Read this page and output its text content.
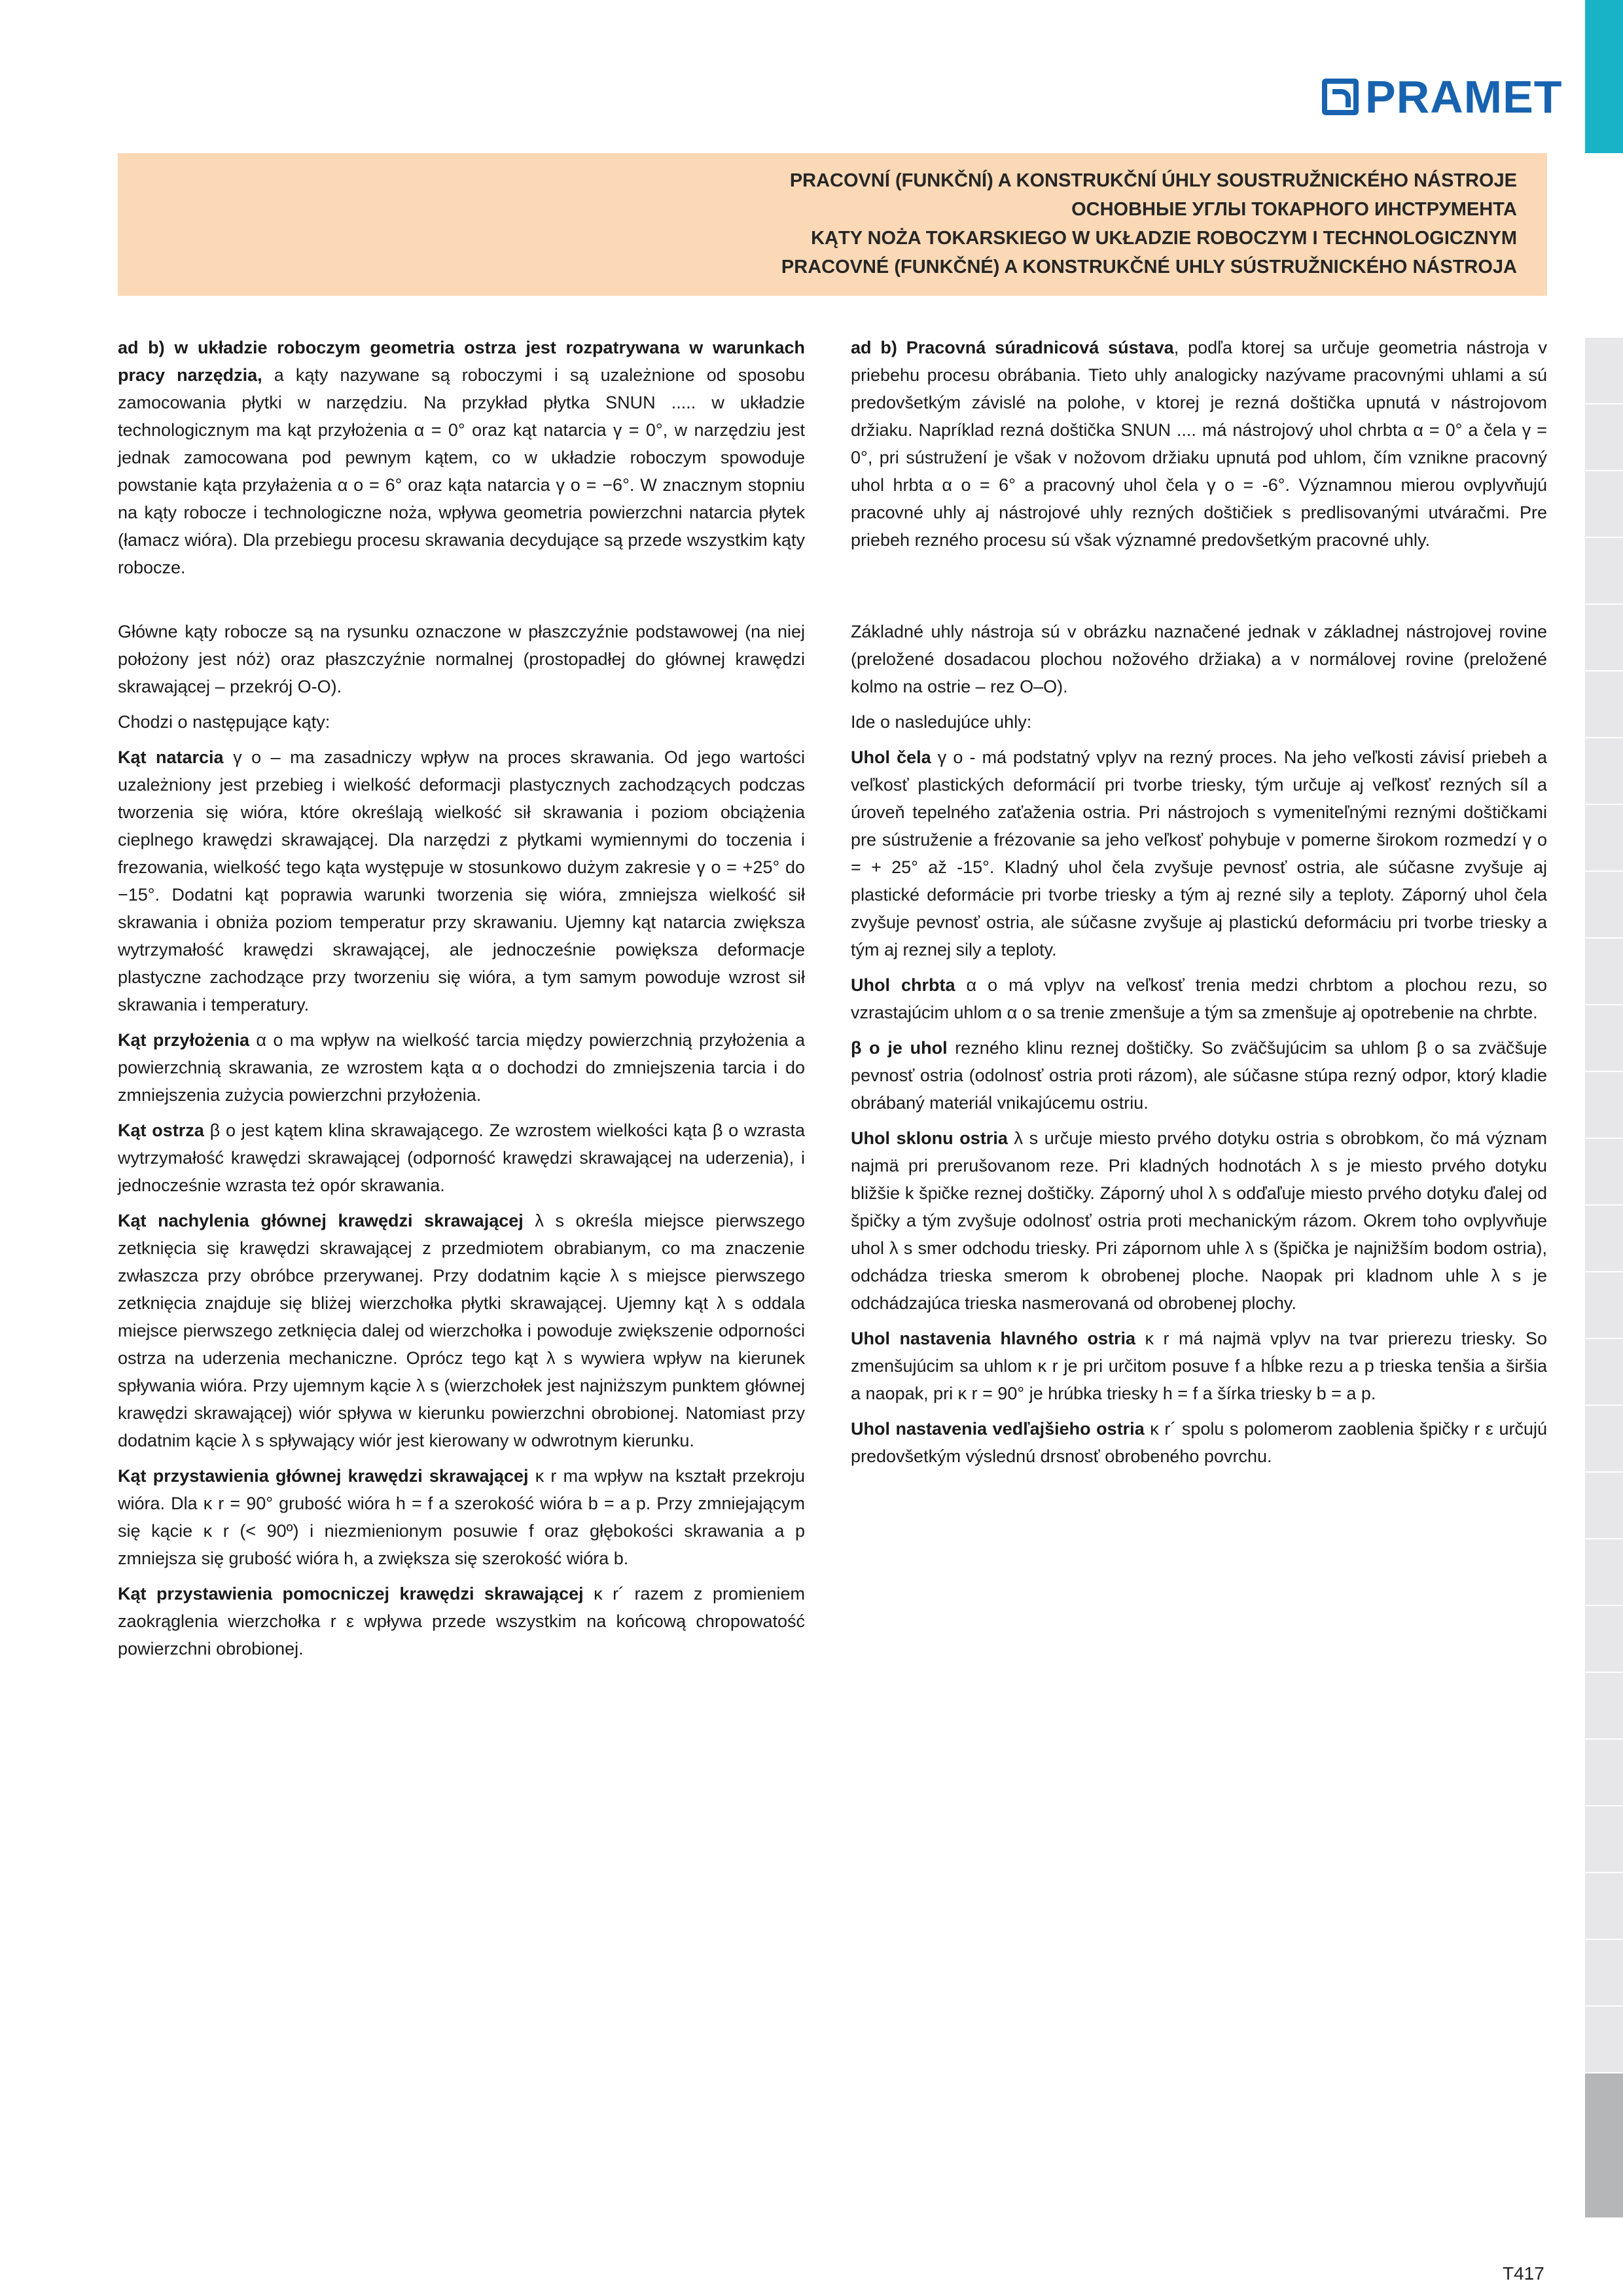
PRAMET
PRACOVNÍ (FUNKČNÍ) A KONSTRUKČNÍ ÚHLY SOUSTRUŽNICKÉHO NÁSTROJE
ОСНОВНЫЕ УГЛЫ ТОКАРНОГО ИНСТРУМЕНТА
KĄTY NOŻA TOKARSKIEGO W UKŁADZIE ROBOCZYM I TECHNOLOGICZNYM
PRACOVNÉ (FUNKČNÉ) A KONSTRUKČNÉ UHLY SÚSTRUŽNICKÉHO NÁSTROJA

ad b) w układzie roboczym geometria ostrza jest rozpatrywana w warunkach pracy narzędzia, a kąty nazywane są roboczymi i są uzależnione od sposobu zamocowania płytki w narzędziu. Na przykład płytka SNUN ..... w układzie technologicznym ma kąt przyłożenia α = 0° oraz kąt natarcia γ = 0°, w narzędziu jest jednak zamocowana pod pewnym kątem, co w układzie roboczym spowoduje powstanie kąta przyłażenia α o = 6° oraz kąta natarcia γ o = −6°. W znacznym stopniu na kąty robocze i technologiczne noża, wpływa geometria powierzchni natarcia płytek (łamacz wióra). Dla przebiegu procesu skrawania decydujące są przede wszystkim kąty robocze.

ad b) Pracovná súradnicová sústava, podľa ktorej sa určuje geometria nástroja v priebehu procesu obrábania. Tieto uhly analogicky nazývame pracovnými uhlami a sú predovšetkým závislé na polohe, v ktorej je rezná doštička upnutá v nástrojovom držiaku. Napríklad rezná doštička SNUN .... má nástrojový uhol chrbta α = 0° a čela γ = 0°, pri sústružení je však v nožovom držiaku upnutá pod uhlom, čím vznikne pracovný uhol hrbta α o = 6° a pracovný uhol čela γ o = -6°. Významnou mierou ovplyvňujú pracovné uhly aj nástrojové uhly rezných doštičiek s predlisovanými utváračmi. Pre priebeh rezného procesu sú však významné predovšetkým pracovné uhly.

Główne kąty robocze są na rysunku oznaczone w płaszczyźnie podstawowej (na niej położony jest nóż) oraz płaszczyźnie normalnej (prostopadłej do głównej krawędzi skrawającej – przekrój O-O).

Chodzi o następujące kąty:

Kąt natarcia γ o – ma zasadniczy wpływ na proces skrawania. Od jego wartości uzależniony jest przebieg i wielkość deformacji plastycznych zachodzących podczas tworzenia się wióra, które określają wielkość sił skrawania i poziom obciążenia cieplnego krawędzi skrawającej. Dla narzędzi z płytkami wymiennymi do toczenia i frezowania, wielkość tego kąta występuje w stosunkowo dużym zakresie γ o = +25° do −15°. Dodatni kąt poprawia warunki tworzenia się wióra, zmniejsza wielkość sił skrawania i obniża poziom temperatur przy skrawaniu. Ujemny kąt natarcia zwiększa wytrzymałość krawędzi skrawającej, ale jednocześnie powiększa deformacje plastyczne zachodzące przy tworzeniu się wióra, a tym samym powoduje wzrost sił skrawania i temperatury.

Kąt przyłożenia α o ma wpływ na wielkość tarcia między powierzchnią przyłożenia a powierzchnią skrawania, ze wzrostem kąta α o dochodzi do zmniejszenia tarcia i do zmniejszenia zużycia powierzchni przyłożenia.

Kąt ostrza β o jest kątem klina skrawającego. Ze wzrostem wielkości kąta β o wzrasta wytrzymałość krawędzi skrawającej (odporność krawędzi skrawającej na uderzenia), i jednocześnie wzrasta też opór skrawania.

Kąt nachylenia głównej krawędzi skrawającej λ s określa miejsce pierwszego zetknięcia się krawędzi skrawającej z przedmiotem obrabianym, co ma znaczenie zwłaszcza przy obróbce przerywanej. Przy dodatnim kącie λ s miejsce pierwszego zetknięcia znajduje się bliżej wierzchołka płytki skrawającej. Ujemny kąt λ s oddala miejsce pierwszego zetknięcia dalej od wierzchołka i powoduje zwiększenie odporności ostrza na uderzenia mechaniczne. Oprócz tego kąt λ s wywiera wpływ na kierunek spływania wióra. Przy ujemnym kącie λ s (wierzchołek jest najniższym punktem głównej krawędzi skrawającej) wiór spływa w kierunku powierzchni obrobionej. Natomiast przy dodatnim kącie λ s spływający wiór jest kierowany w odwrotnym kierunku.

Kąt przystawienia głównej krawędzi skrawającej κ r ma wpływ na kształt przekroju wióra. Dla κ r = 90° grubość wióra h = f a szerokość wióra b = a p. Przy zmniejającym się kącie κ r (< 90º) i niezmienionym posuwie f oraz głębokości skrawania a p zmniejsza się grubość wióra h, a zwiększa się szerokość wióra b.

Kąt przystawienia pomocniczej krawędzi skrawającej κ r´ razem z promieniem zaokrąglenia wierzchołka r ε wpływa przede wszystkim na końcową chropowatość powierzchni obrobionej.

Základné uhly nástroja sú v obrázku naznačené jednak v základnej nástrojovej rovine (preložené dosadacou plochou nožového držiaka) a v normálovej rovine (preložené kolmo na ostrie – rez O–O).

Ide o nasledujúce uhly:

Uhol čela γ o - má podstatný vplyv na rezný proces. Na jeho veľkosti závisí priebeh a veľkosť plastických deformácií pri tvorbe triesky, tým určuje aj veľkosť rezných síl a úroveň tepelného zaťaženia ostria. Pri nástrojoch s vymeniteľnými reznými doštičkami pre sústruženie a frézovanie sa jeho veľkosť pohybuje v pomerne širokom rozmedzí γ o = + 25° až -15°. Kladný uhol čela zvyšuje pevnosť ostria, ale súčasne zvyšuje aj plastické deformácie pri tvorbe triesky a tým aj rezné sily a teploty. Záporný uhol čela zvyšuje pevnosť ostria, ale súčasne zvyšuje aj plastickú deformáciu pri tvorbe triesky a tým aj reznej sily a teploty.

Uhol chrbta α o má vplyv na veľkosť trenia medzi chrbtom a plochou rezu, so vzrastajúcim uhlom α o sa trenie zmenšuje a tým sa zmenšuje aj opotrebenie na chrbte.

β o je uhol rezného klinu reznej doštičky. So zväčšujúcim sa uhlom β o sa zväčšuje pevnosť ostria (odolnosť ostria proti rázom), ale súčasne stúpa rezný odpor, ktorý kladie obrábaný materiál vnikajúcemu ostriu.

Uhol sklonu ostria λ s určuje miesto prvého dotyku ostria s obrobkom, čo má význam najmä pri prerušovanom reze. Pri kladných hodnotách λ s je miesto prvého dotyku bližšie k špičke reznej doštičky. Záporný uhol λ s odďaľuje miesto prvého dotyku ďalej od špičky a tým zvyšuje odolnosť ostria proti mechanickým rázom. Okrem toho ovplyvňuje uhol λ s smer odchodu triesky. Pri zápornom uhle λ s (špička je najnižším bodom ostria), odchádza trieska smerom k obrobenej ploche. Naopak pri kladnom uhle λ s je odchádzajúca trieska nasmerovaná od obrobenej plochy.

Uhol nastavenia hlavného ostria κ r má najmä vplyv na tvar prierezu triesky. So zmenšujúcim sa uhlom κ r je pri určitom posuve f a hĺbke rezu a p trieska tenšia a širšia a naopak, pri κ r = 90° je hrúbka triesky h = f a šírka triesky b = a p.

Uhol nastavenia vedľajšieho ostria κ r´ spolu s polomerom zaoblenia špičky r ε určujú predovšetkým výslednú drsnosť obrobeného povrchu.

T417
